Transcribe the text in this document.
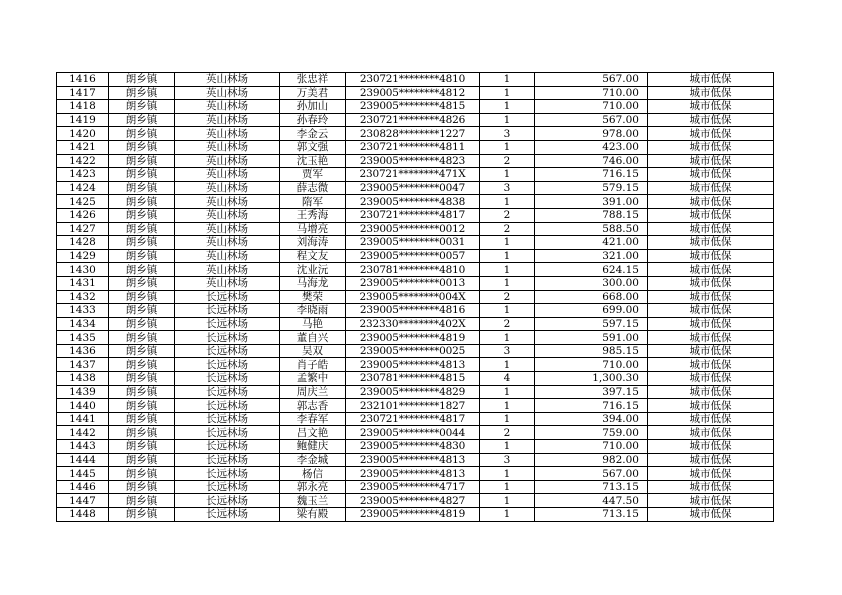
1416	朗乡镇	英山林场	张忠祥	230721********4810	1	567.00	城市低保
1417	朗乡镇	英山林场	万美君	239005********4812	1	710.00	城市低保
1418	朗乡镇	英山林场	孙加山	239005********4815	1	710.00	城市低保
1419	朗乡镇	英山林场	孙春玲	230721********4826	1	567.00	城市低保
1420	朗乡镇	英山林场	李金云	230828********1227	3	978.00	城市低保
1421	朗乡镇	英山林场	郭文强	230721********4811	1	423.00	城市低保
1422	朗乡镇	英山林场	沈玉艳	239005********4823	2	746.00	城市低保
1423	朗乡镇	英山林场	贾军	230721********471X	1	716.15	城市低保
1424	朗乡镇	英山林场	薛志微	239005********0047	3	579.15	城市低保
1425	朗乡镇	英山林场	隋军	239005********4838	1	391.00	城市低保
1426	朗乡镇	英山林场	王秀海	230721********4817	2	788.15	城市低保
1427	朗乡镇	英山林场	马增亮	239005********0012	2	588.50	城市低保
1428	朗乡镇	英山林场	刘海涛	239005********0031	1	421.00	城市低保
1429	朗乡镇	英山林场	程文友	239005********0057	1	321.00	城市低保
1430	朗乡镇	英山林场	沈业沅	230781********4810	1	624.15	城市低保
1431	朗乡镇	英山林场	马海龙	239005********0013	1	300.00	城市低保
1432	朗乡镇	长远林场	樊荣	239005********004X	2	668.00	城市低保
1433	朗乡镇	长远林场	李晓雨	239005********4816	1	699.00	城市低保
1434	朗乡镇	长远林场	马艳	232330********402X	2	597.15	城市低保
1435	朗乡镇	长远林场	董自兴	239005********4819	1	591.00	城市低保
1436	朗乡镇	长远林场	吴双	239005********0025	3	985.15	城市低保
1437	朗乡镇	长远林场	肖子皓	239005********4813	1	710.00	城市低保
1438	朗乡镇	长远林场	孟繁中	230781********4815	4	1,300.30	城市低保
1439	朗乡镇	长远林场	周庆兰	239005********4829	1	397.15	城市低保
1440	朗乡镇	长远林场	郭志香	232101********1827	1	716.15	城市低保
1441	朗乡镇	长远林场	李春军	230721********4817	1	394.00	城市低保
1442	朗乡镇	长远林场	吕文艳	239005********0044	2	759.00	城市低保
1443	朗乡镇	长远林场	鲍健庆	239005********4830	1	710.00	城市低保
1444	朗乡镇	长远林场	李金城	239005********4813	3	982.00	城市低保
1445	朗乡镇	长远林场	杨信	239005********4813	1	567.00	城市低保
1446	朗乡镇	长远林场	郭永亮	239005********4717	1	713.15	城市低保
1447	朗乡镇	长远林场	魏玉兰	239005********4827	1	447.50	城市低保
1448	朗乡镇	长远林场	梁有殿	239005********4819	1	713.15	城市低保
